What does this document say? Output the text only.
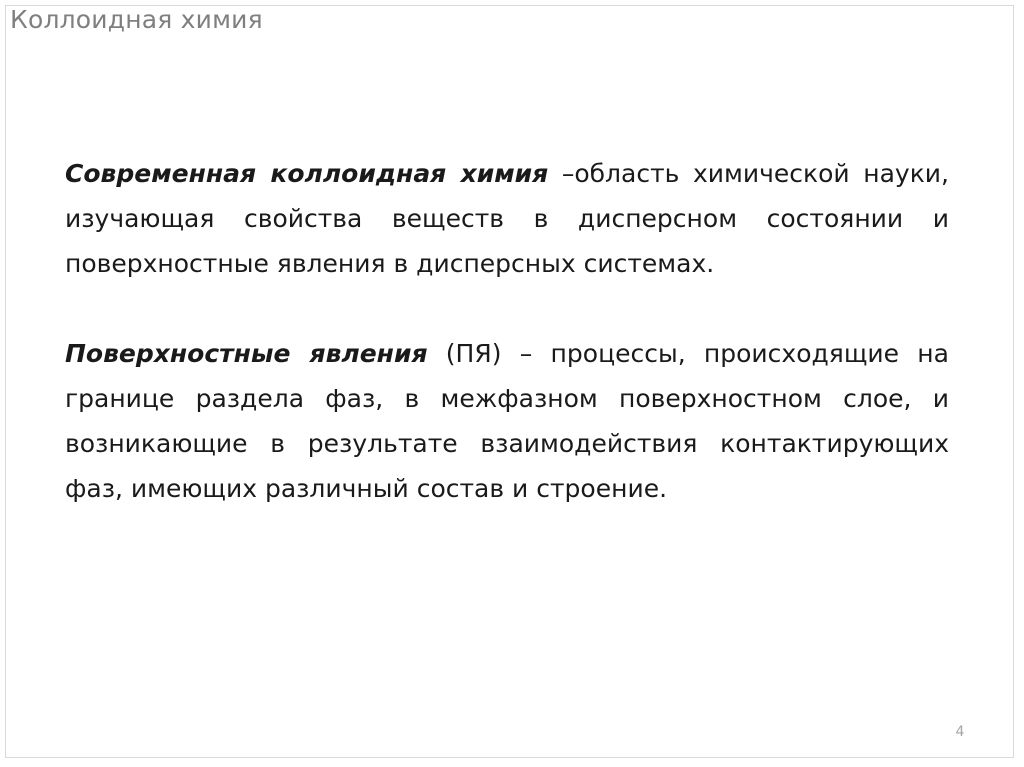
Коллоидная химия

Современная коллоидная химия –область химической науки, изучающая свойства веществ в дисперсном состоянии и поверхностные явления в дисперсных системах.

Поверхностные явления (ПЯ) – процессы, происходящие на границе раздела фаз, в межфазном поверхностном слое, и возникающие в результате взаимодействия контактирующих фаз, имеющих различный состав и строение.

4
